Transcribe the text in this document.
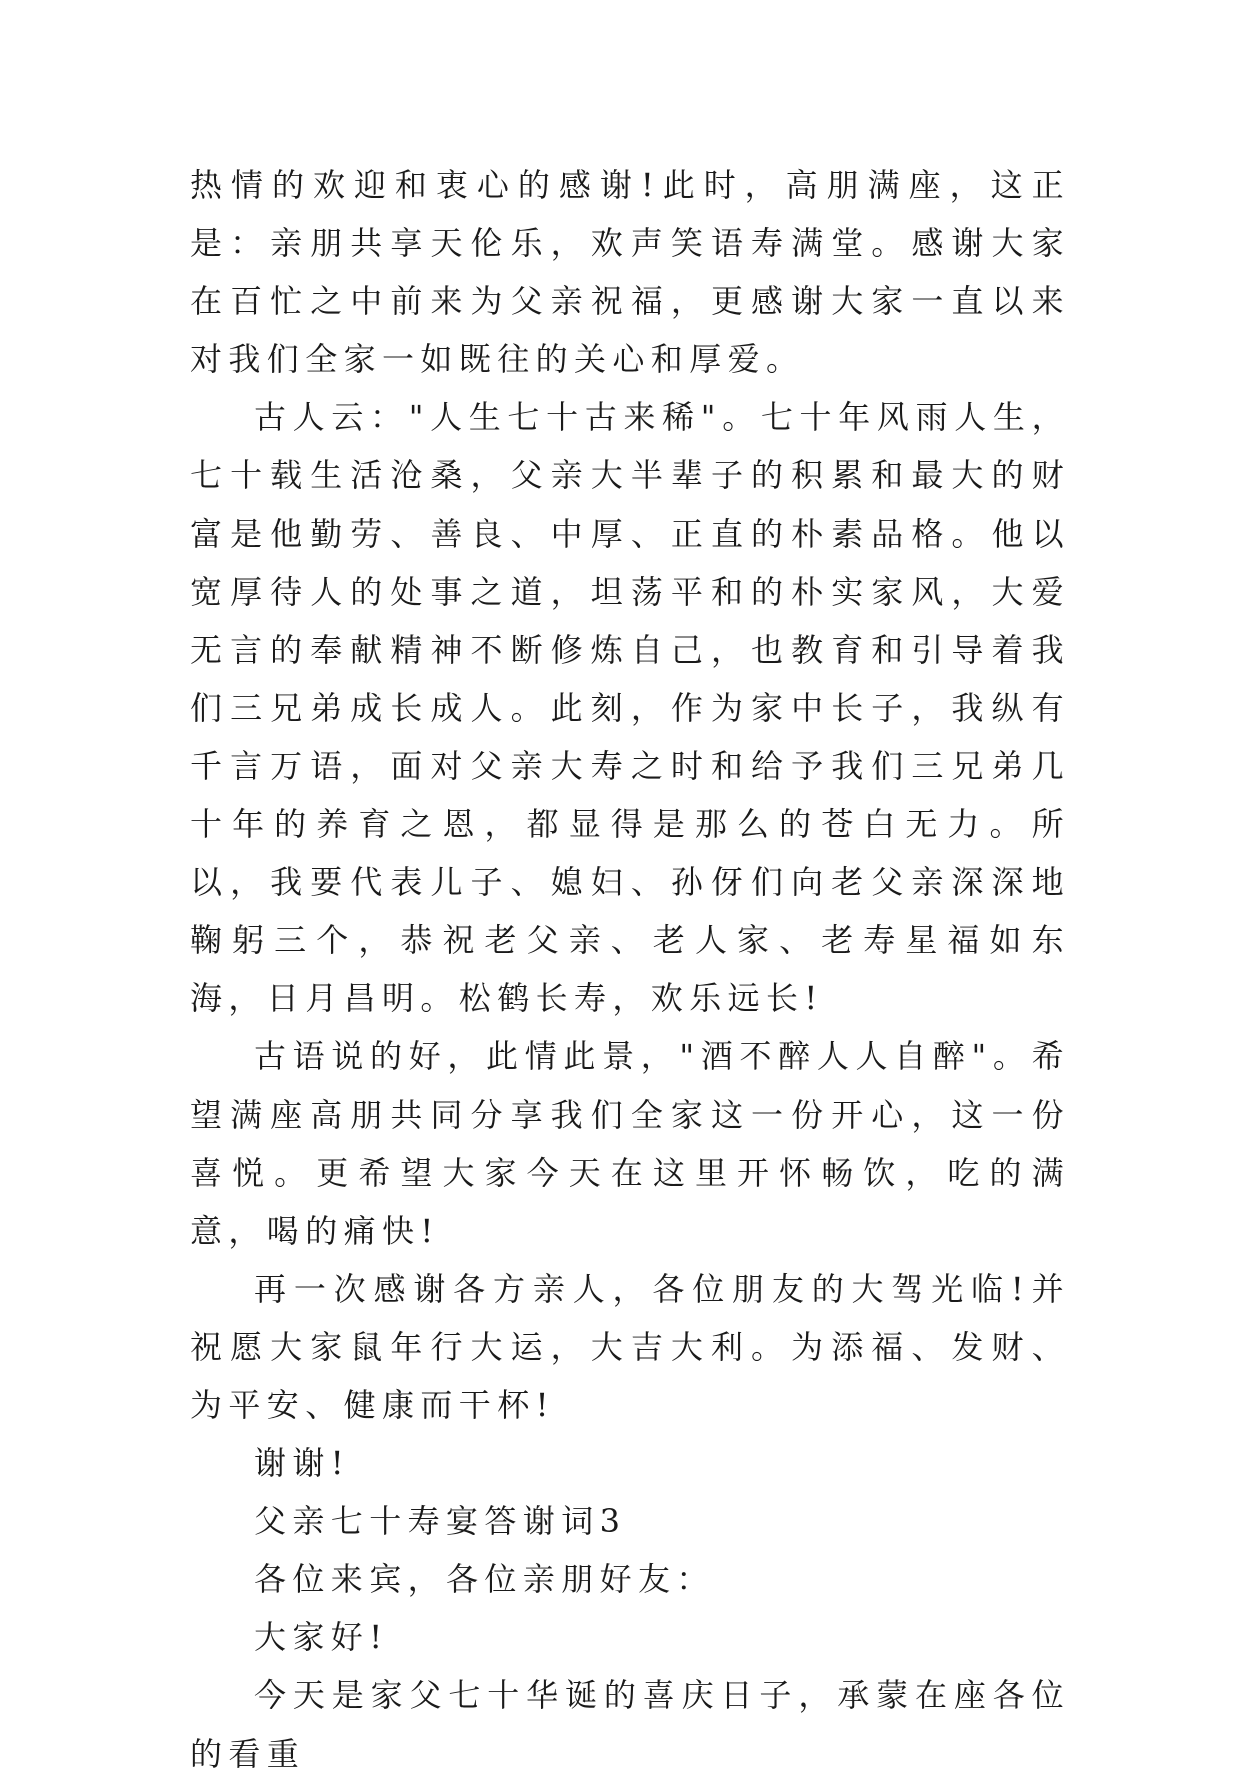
热情的欢迎和衷心的感谢!此时，高朋满座，这正是：亲朋共享天伦乐，欢声笑语寿满堂。感谢大家在百忙之中前来为父亲祝福，更感谢大家一直以来对我们全家一如既往的关心和厚爱。

古人云："人生七十古来稀"。七十年风雨人生，七十载生活沧桑，父亲大半辈子的积累和最大的财富是他勤劳、善良、中厚、正直的朴素品格。他以宽厚待人的处事之道，坦荡平和的朴实家风，大爱无言的奉献精神不断修炼自己，也教育和引导着我们三兄弟成长成人。此刻，作为家中长子，我纵有千言万语，面对父亲大寿之时和给予我们三兄弟几十年的养育之恩，都显得是那么的苍白无力。所以，我要代表儿子、媳妇、孙伢们向老父亲深深地鞠躬三个，恭祝老父亲、老人家、老寿星福如东海，日月昌明。松鹤长寿，欢乐远长!

古语说的好，此情此景，"酒不醉人人自醉"。希望满座高朋共同分享我们全家这一份开心，这一份喜悦。更希望大家今天在这里开怀畅饮，吃的满意，喝的痛快!

再一次感谢各方亲人，各位朋友的大驾光临!并祝愿大家鼠年行大运，大吉大利。为添福、发财、为平安、健康而干杯!

谢谢!

父亲七十寿宴答谢词3

各位来宾，各位亲朋好友：

大家好!

今天是家父七十华诞的喜庆日子，承蒙在座各位的看重
